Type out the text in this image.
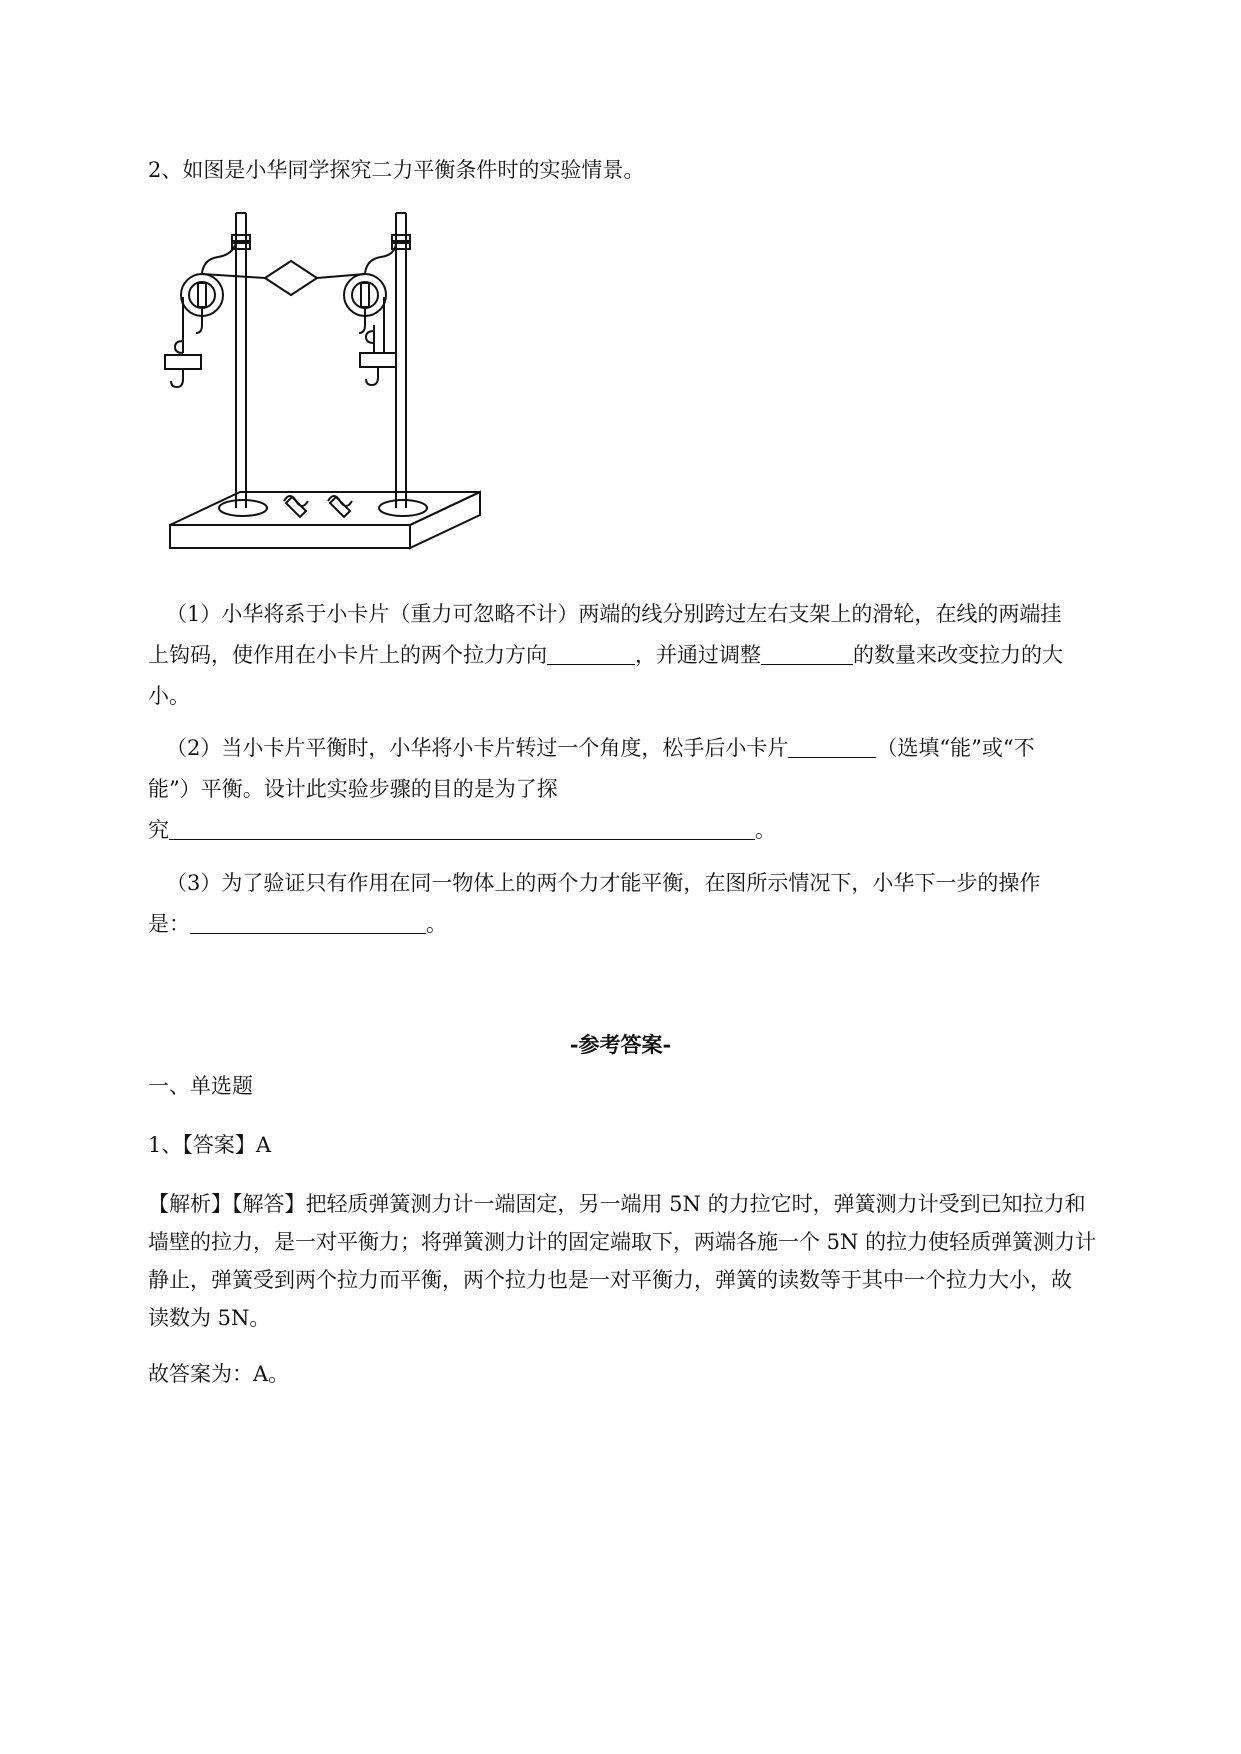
2、如图是小华同学探究二力平衡条件时的实验情景。

（1）小华将系于小卡片（重力可忽略不计）两端的线分别跨过左右支架上的滑轮，在线的两端挂

上钩码，使作用在小卡片上的两个拉力方向	，并通过调整	的数量来改变拉力的大

小。

（2）当小卡片平衡时，小华将小卡片转过一个角度，松手后小卡片	（选填“能”或“不

能”）平衡。设计此实验步骤的目的是为了探

究	。

（3）为了验证只有作用在同一物体上的两个力才能平衡，在图所示情况下，小华下一步的操作

是：	。

-参考答案-

一、单选题

1、【答案】A

【解析】【解答】把轻质弹簧测力计一端固定，另一端用 5N 的力拉它时，弹簧测力计受到已知拉力和

墙壁的拉力，是一对平衡力；将弹簧测力计的固定端取下，两端各施一个 5N 的拉力使轻质弹簧测力计

静止，弹簧受到两个拉力而平衡，两个拉力也是一对平衡力，弹簧的读数等于其中一个拉力大小，故

读数为 5N。

故答案为：A。
